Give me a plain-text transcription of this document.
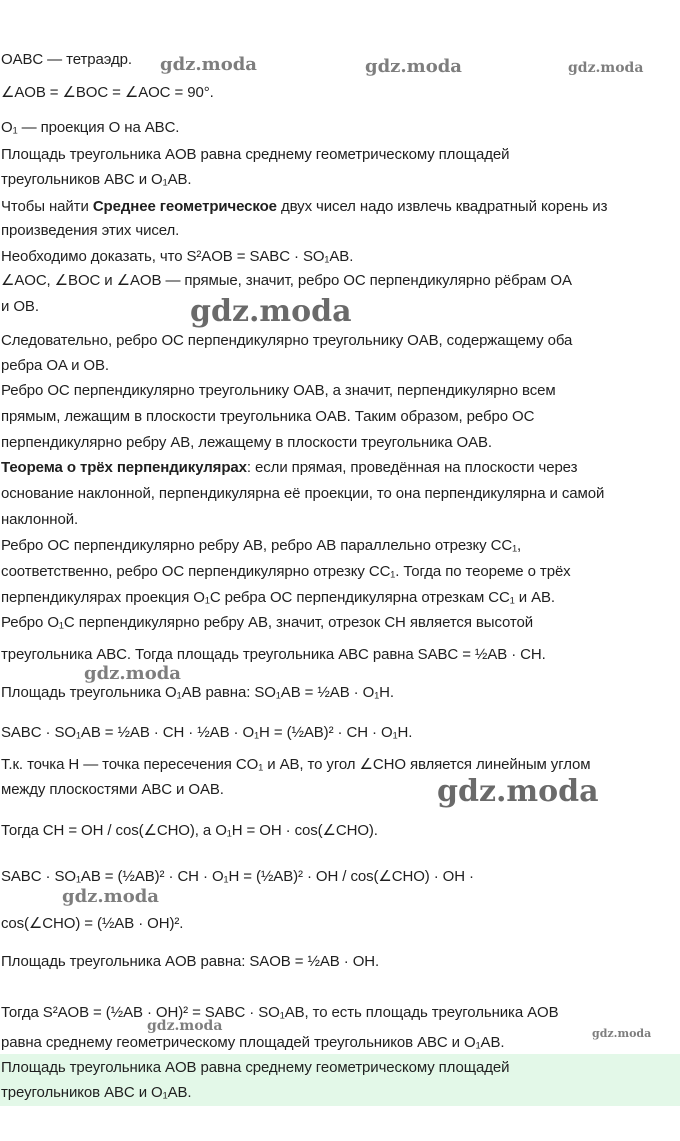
OABC — тетраэдр.
∠AOB = ∠BOC = ∠AOC = 90°.
O₁ — проекция O на ABC.
Площадь треугольника AOB равна среднему геометрическому площадей
треугольников ABC и O₁AB.
Чтобы найти Среднее геометрическое двух чисел надо извлечь квадратный корень из
произведения этих чисел.
Необходимо доказать, что S²AOB = SABC · SO₁AB.
∠AOC, ∠BOC и ∠AOB — прямые, значит, ребро OC перпендикулярно рёбрам OA
и OB.
Следовательно, ребро OC перпендикулярно треугольнику OAB, содержащему оба
ребра OA и OB.
Ребро OC перпендикулярно треугольнику OAB, а значит, перпендикулярно всем
прямым, лежащим в плоскости треугольника OAB. Таким образом, ребро OC
перпендикулярно ребру AB, лежащему в плоскости треугольника OAB.
Теорема о трёх перпендикулярах: если прямая, проведённая на плоскости через
основание наклонной, перпендикулярна её проекции, то она перпендикулярна и самой
наклонной.
Ребро OC перпендикулярно ребру AB, ребро AB параллельно отрезку CC₁,
соответственно, ребро OC перпендикулярно отрезку CC₁. Тогда по теореме о трёх
перпендикулярах проекция O₁C ребра OC перпендикулярна отрезкам CC₁ и AB.
Ребро O₁C перпендикулярно ребру AB, значит, отрезок CH является высотой
треугольника ABC. Тогда площадь треугольника ABC равна SABC = ½AB · CH.
Площадь треугольника O₁AB равна: SO₁AB = ½AB · O₁H.
SABC · SO₁AB = ½AB · CH · ½AB · O₁H = (½AB)² · CH · O₁H.
Т.к. точка H — точка пересечения CO₁ и AB, то угол ∠CHO является линейным углом
между плоскостями ABC и OAB.
Тогда CH = OH / cos(∠CHO), а O₁H = OH · cos(∠CHO).
SABC · SO₁AB = (½AB)² · CH · O₁H = (½AB)² · OH / cos(∠CHO) · OH ·
cos(∠CHO) = (½AB · OH)².
Площадь треугольника AOB равна: SAOB = ½AB · OH.
Тогда S²AOB = (½AB · OH)² = SABC · SO₁AB, то есть площадь треугольника AOB
равна среднему геометрическому площадей треугольников ABC и O₁AB.
Площадь треугольника AOB равна среднему геометрическому площадей
треугольников ABC и O₁AB.
gdz.moda	gdz.moda	gdz.moda
gdz.moda
gdz.moda
gdz.moda
gdz.moda
gdz.moda	gdz.moda
